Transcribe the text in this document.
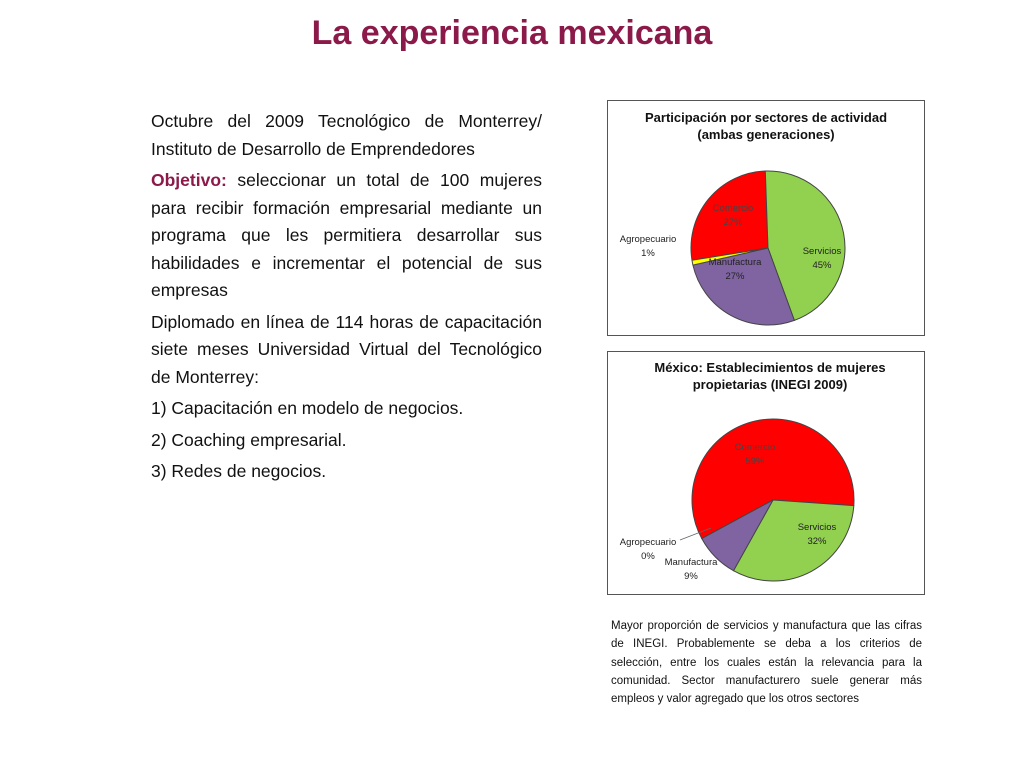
La experiencia mexicana

Octubre del 2009 Tecnológico de Monterrey/ Instituto de Desarrollo de Emprendedores

Objetivo: seleccionar un total de 100 mujeres para recibir formación empresarial mediante un programa que les permitiera desarrollar sus habilidades e incrementar el potencial de sus empresas

Diplomado en línea de 114 horas de capacitación siete meses Universidad Virtual del Tecnológico de Monterrey:

1) Capacitación en modelo de negocios.

2) Coaching empresarial.

3) Redes de negocios.

Participación por sectores de actividad
(ambas generaciones)
Comercio
27%
Servicios
45%
Manufactura
27%
Agropecuario
1%
México: Establecimientos de mujeres
propietarias (INEGI 2009)
Comercio
59%
Servicios
32%
Manufactura
9%
Agropecuario
0%
Mayor proporción de servicios y manufactura que las cifras de INEGI. Probablemente se deba a los criterios de selección, entre los cuales están la relevancia para la comunidad. Sector manufacturero suele generar más empleos y valor agregado que los otros sectores
